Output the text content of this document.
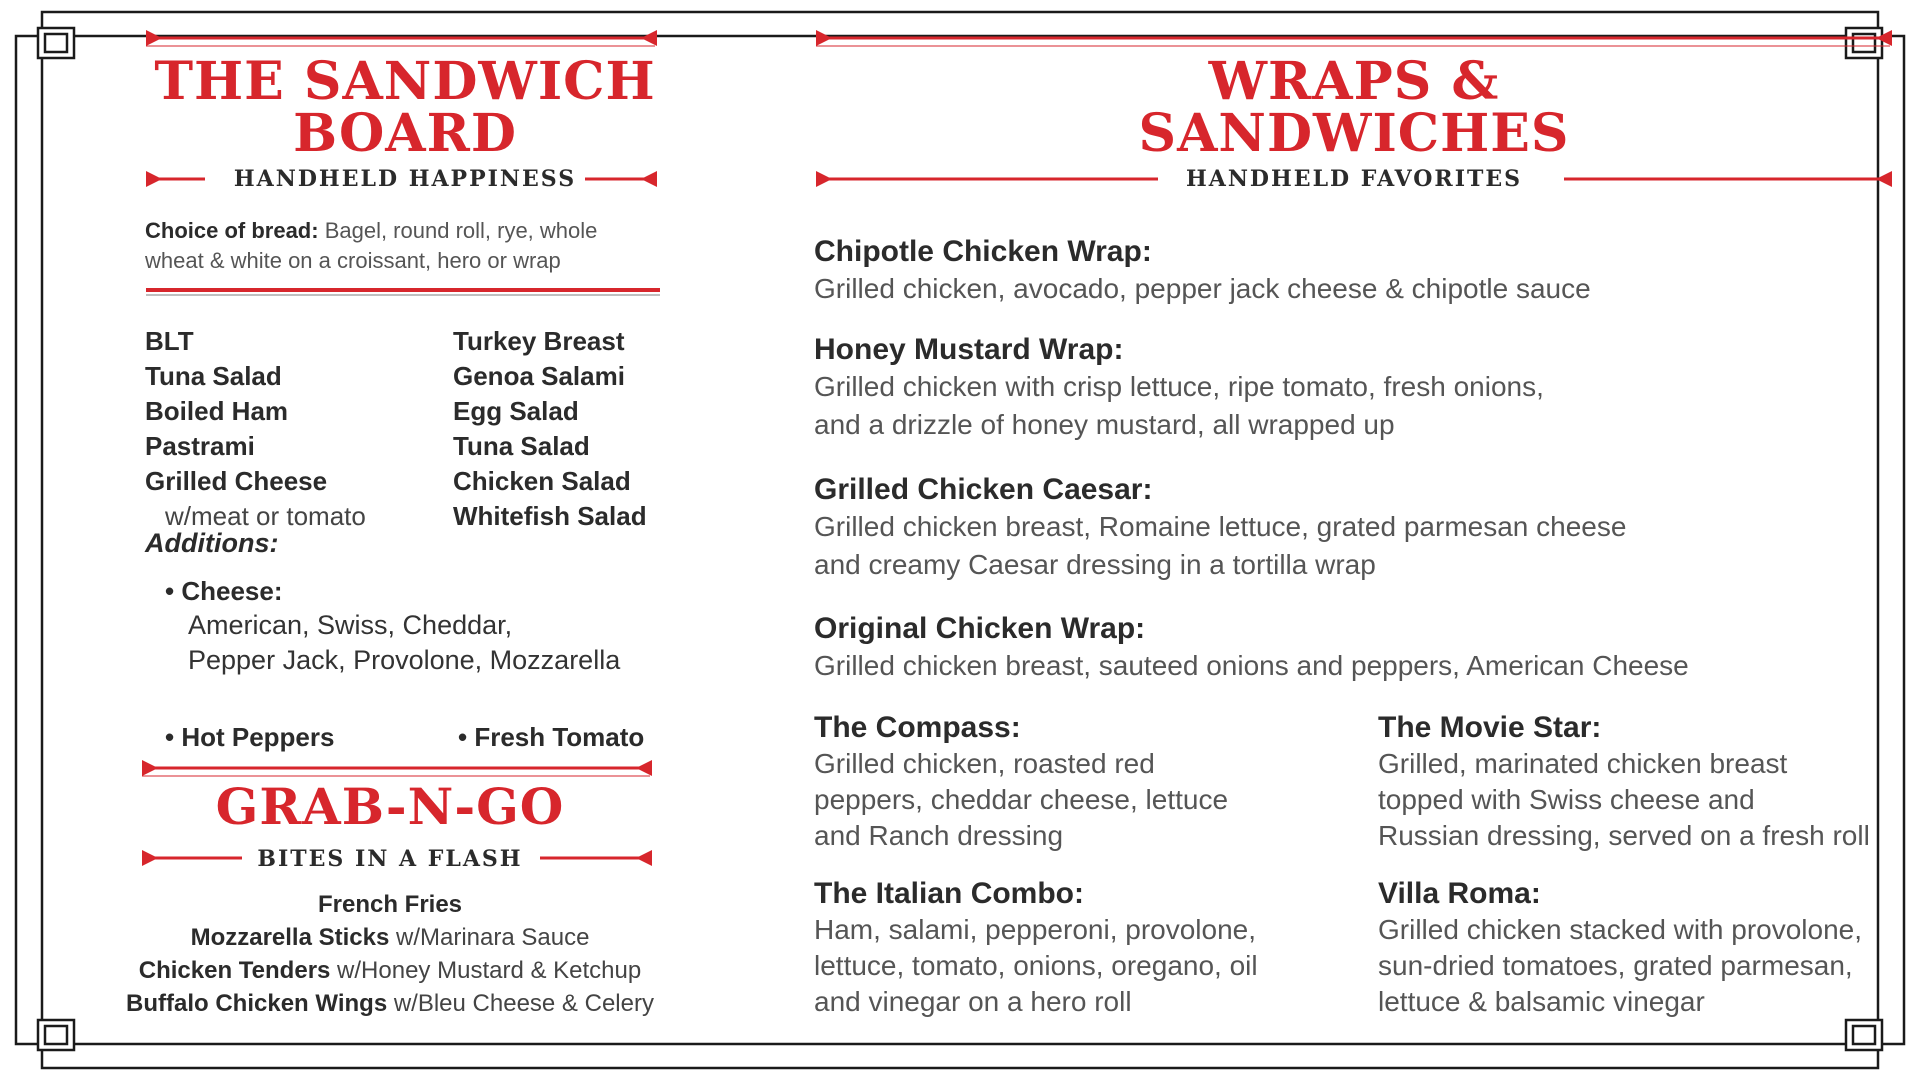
THE SANDWICH
BOARD
HANDHELD HAPPINESS
Choice of bread: Bagel, round roll, rye, whole
wheat & white on a croissant, hero or wrap
BLT
Tuna Salad
Boiled Ham
Pastrami
Grilled Cheese
w/meat or tomato
Turkey Breast
Genoa Salami
Egg Salad
Tuna Salad
Chicken Salad
Whitefish Salad
Additions:
• Cheese:
American, Swiss, Cheddar,
Pepper Jack, Provolone, Mozzarella
• Hot Peppers	• Fresh Tomato
GRAB-N-GO
BITES IN A FLASH
French Fries
Mozzarella Sticks w/Marinara Sauce
Chicken Tenders w/Honey Mustard & Ketchup
Buffalo Chicken Wings w/Bleu Cheese & Celery
WRAPS &
SANDWICHES
HANDHELD FAVORITES
Chipotle Chicken Wrap:
Grilled chicken, avocado, pepper jack cheese & chipotle sauce
Honey Mustard Wrap:
Grilled chicken with crisp lettuce, ripe tomato, fresh onions,
and a drizzle of honey mustard, all wrapped up
Grilled Chicken Caesar:
Grilled chicken breast, Romaine lettuce, grated parmesan cheese
and creamy Caesar dressing in a tortilla wrap
Original Chicken Wrap:
Grilled chicken breast, sauteed onions and peppers, American Cheese
The Compass:
Grilled chicken, roasted red
peppers, cheddar cheese, lettuce
and Ranch dressing
The Movie Star:
Grilled, marinated chicken breast
topped with Swiss cheese and
Russian dressing, served on a fresh roll
The Italian Combo:
Ham, salami, pepperoni, provolone,
lettuce, tomato, onions, oregano, oil
and vinegar on a hero roll
Villa Roma:
Grilled chicken stacked with provolone,
sun-dried tomatoes, grated parmesan,
lettuce & balsamic vinegar
